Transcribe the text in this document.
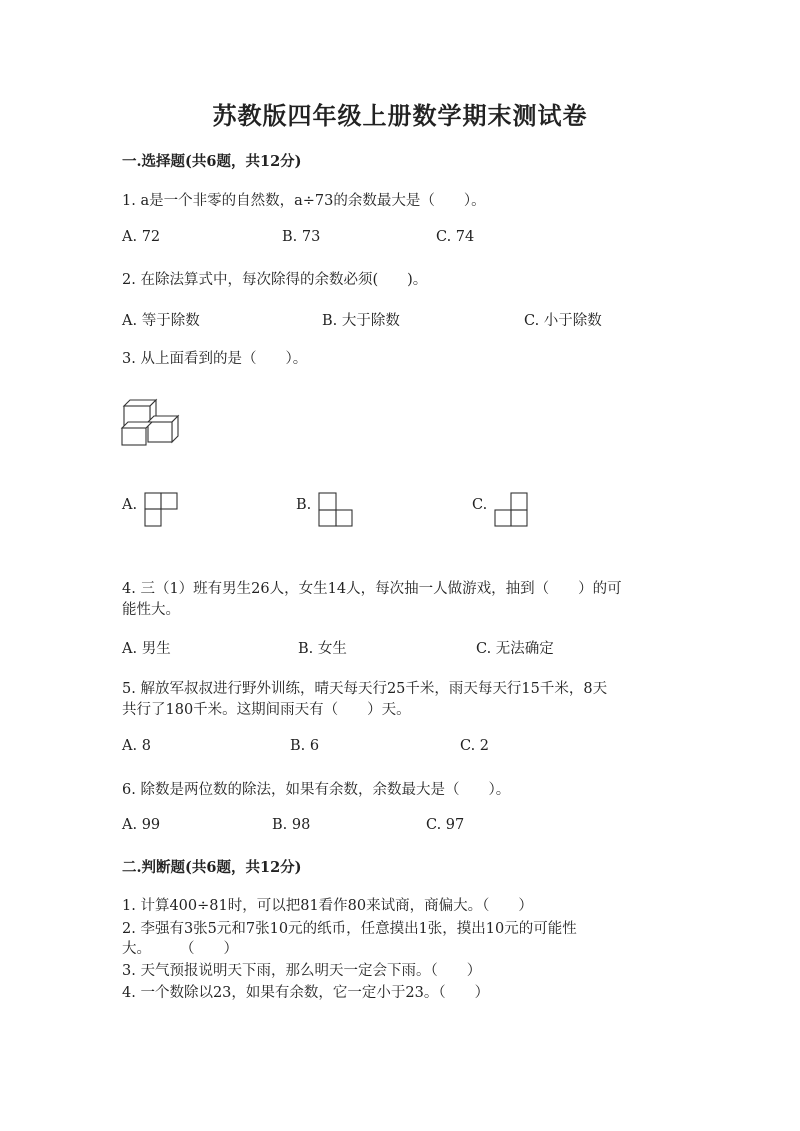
苏教版四年级上册数学期末测试卷
一.选择题(共6题，共12分)
1. a是一个非零的自然数，a÷73的余数最大是（　　）。
A. 72	B. 73	C. 74
2. 在除法算式中，每次除得的余数必须(　　)。
A. 等于除数	B. 大于除数	C. 小于除数
3. 从上面看到的是（　　）。
A.	B.	C.
4. 三（1）班有男生26人，女生14人，每次抽一人做游戏，抽到（　　）的可
能性大。
A. 男生	B. 女生	C. 无法确定
5. 解放军叔叔进行野外训练，晴天每天行25千米，雨天每天行15千米，8天
共行了180千米。这期间雨天有（　　）天。
A. 8	B. 6	C. 2
6. 除数是两位数的除法，如果有余数，余数最大是（　　）。
A. 99	B. 98	C. 97
二.判断题(共6题，共12分)
1. 计算400÷81时，可以把81看作80来试商，商偏大。（　　）
2. 李强有3张5元和7张10元的纸币，任意摸出1张，摸出10元的可能性
大。　　　（　　）
3. 天气预报说明天下雨，那么明天一定会下雨。（　　）
4. 一个数除以23，如果有余数，它一定小于23。（　　）
